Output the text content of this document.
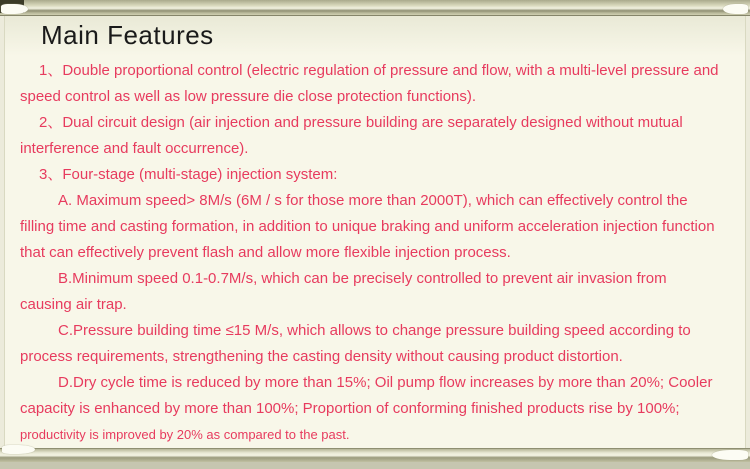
Main Features
1、Double proportional control (electric regulation of pressure and flow, with a multi-level pressure and
speed control as well as low pressure die close protection functions).
2、Dual circuit design (air injection and pressure building are separately designed without mutual
interference and fault occurrence).
3、Four-stage (multi-stage) injection system:
A. Maximum speed> 8M/s (6M / s for those more than 2000T), which can effectively control the
filling time and casting formation, in addition to unique braking and uniform acceleration injection function
that can effectively prevent flash and allow more flexible injection process.
B.Minimum speed 0.1-0.7M/s, which can be precisely controlled to prevent air invasion from
causing air trap.
C.Pressure building time ≤15 M/s, which allows to change pressure building speed according to
process requirements, strengthening the casting density without causing product distortion.
D.Dry cycle time is reduced by more than 15%; Oil pump flow increases by more than 20%; Cooler
capacity is enhanced by more than 100%; Proportion of conforming finished products rise by 100%;
productivity is improved by 20% as compared to the past.
